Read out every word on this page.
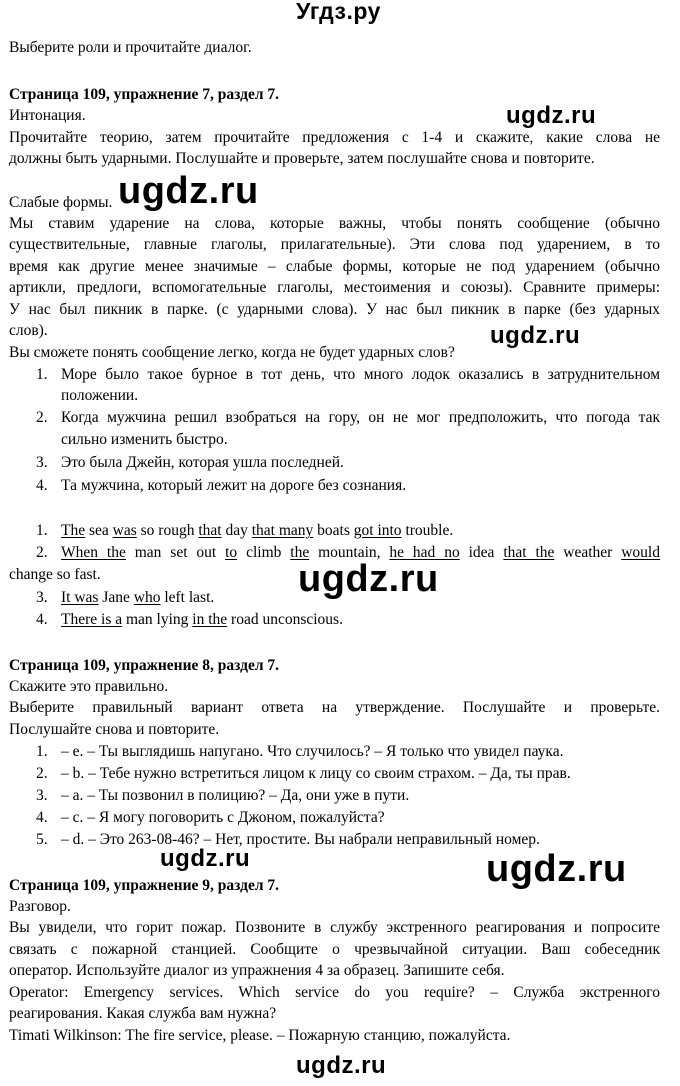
Угдз.ру
Выберите роли и прочитайте диалог.
Страница 109, упражнение 7, раздел 7.
Интонация.
Прочитайте теорию, затем прочитайте предложения с 1-4 и скажите, какие слова не
должны быть ударными. Послушайте и проверьте, затем послушайте снова и повторите.
Слабые формы.
Мы ставим ударение на слова, которые важны, чтобы понять сообщение (обычно
существительные, главные глаголы, прилагательные). Эти слова под ударением, в то
время как другие менее значимые – слабые формы, которые не под ударением (обычно
артикли, предлоги, вспомогательные глаголы, местоимения и союзы). Сравните примеры:
У нас был пикник в парке. (с ударными слова). У нас был пикник в парке (без ударных
слов).
Вы сможете понять сообщение легко, когда не будет ударных слов?
1. Море было такое бурное в тот день, что много лодок оказались в затруднительном
положении.
2. Когда мужчина решил взобраться на гору, он не мог предположить, что погода так
сильно изменить быстро.
3. Это была Джейн, которая ушла последней.
4. Та мужчина, который лежит на дороге без сознания.
1. The sea was so rough that day that many boats got into trouble.
2. When the man set out to climb the mountain, he had no idea that the weather would
change so fast.
3. It was Jane who left last.
4. There is a man lying in the road unconscious.
Страница 109, упражнение 8, раздел 7.
Скажите это правильно.
Выберите правильный вариант ответа на утверждение. Послушайте и проверьте.
Послушайте снова и повторите.
1. – e. – Ты выглядишь напугано. Что случилось? – Я только что увидел паука.
2. – b. – Тебе нужно встретиться лицом к лицу со своим страхом. – Да, ты прав.
3. – a. – Ты позвонил в полицию? – Да, они уже в пути.
4. – c. – Я могу поговорить с Джоном, пожалуйста?
5. – d. – Это 263-08-46? – Нет, простите. Вы набрали неправильный номер.
Страница 109, упражнение 9, раздел 7.
Разговор.
Вы увидели, что горит пожар. Позвоните в службу экстренного реагирования и попросите
связать с пожарной станцией. Сообщите о чрезвычайной ситуации. Ваш собеседник
оператор. Используйте диалог из упражнения 4 за образец. Запишите себя.
Operator: Emergency services. Which service do you require? – Служба экстренного
реагирования. Какая служба вам нужна?
Timati Wilkinson: The fire service, please. – Пожарную станцию, пожалуйста.
ugdz.ru
ugdz.ru
ugdz.ru
ugdz.ru
ugdz.ru	ugdz.ru
ugdz.ru
